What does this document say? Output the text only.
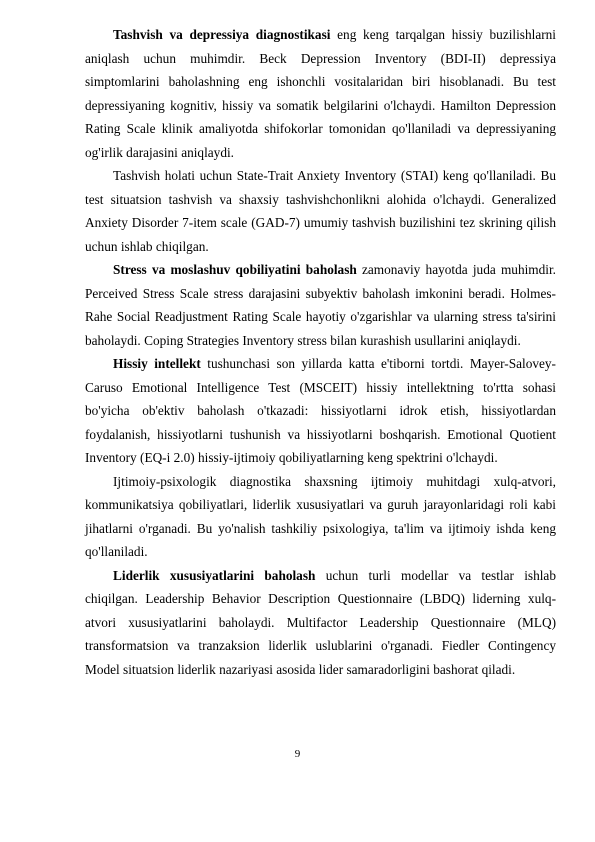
Tashvish va depressiya diagnostikasi eng keng tarqalgan hissiy buzilishlarni aniqlash uchun muhimdir. Beck Depression Inventory (BDI-II) depressiya simptomlarini baholashning eng ishonchli vositalaridan biri hisoblanadi. Bu test depressiyaning kognitiv, hissiy va somatik belgilarini o'lchaydi. Hamilton Depression Rating Scale klinik amaliyotda shifokorlar tomonidan qo'llaniladi va depressiyaning og'irlik darajasini aniqlaydi.

Tashvish holati uchun State-Trait Anxiety Inventory (STAI) keng qo'llaniladi. Bu test situatsion tashvish va shaxsiy tashvishchonlikni alohida o'lchaydi. Generalized Anxiety Disorder 7-item scale (GAD-7) umumiy tashvish buzilishini tez skrining qilish uchun ishlab chiqilgan.

Stress va moslashuv qobiliyatini baholash zamonaviy hayotda juda muhimdir. Perceived Stress Scale stress darajasini subyektiv baholash imkonini beradi. Holmes-Rahe Social Readjustment Rating Scale hayotiy o'zgarishlar va ularning stress ta'sirini baholaydi. Coping Strategies Inventory stress bilan kurashish usullarini aniqlaydi.

Hissiy intellekt tushunchasi son yillarda katta e'tiborni tortdi. Mayer-Salovey-Caruso Emotional Intelligence Test (MSCEIT) hissiy intellektning to'rtta sohasi bo'yicha ob'ektiv baholash o'tkazadi: hissiyotlarni idrok etish, hissiyotlardan foydalanish, hissiyotlarni tushunish va hissiyotlarni boshqarish. Emotional Quotient Inventory (EQ-i 2.0) hissiy-ijtimoiy qobiliyatlarning keng spektrini o'lchaydi.

Ijtimoiy-psixologik diagnostika shaxsning ijtimoiy muhitdagi xulq-atvori, kommunikatsiya qobiliyatlari, liderlik xususiyatlari va guruh jarayonlaridagi roli kabi jihatlarni o'rganadi. Bu yo'nalish tashkiliy psixologiya, ta'lim va ijtimoiy ishda keng qo'llaniladi.

Liderlik xususiyatlarini baholash uchun turli modellar va testlar ishlab chiqilgan. Leadership Behavior Description Questionnaire (LBDQ) liderning xulq-atvori xususiyatlarini baholaydi. Multifactor Leadership Questionnaire (MLQ) transformatsion va tranzaksion liderlik uslublarini o'rganadi. Fiedler Contingency Model situatsion liderlik nazariyasi asosida lider samaradorligini bashorat qiladi.

9
